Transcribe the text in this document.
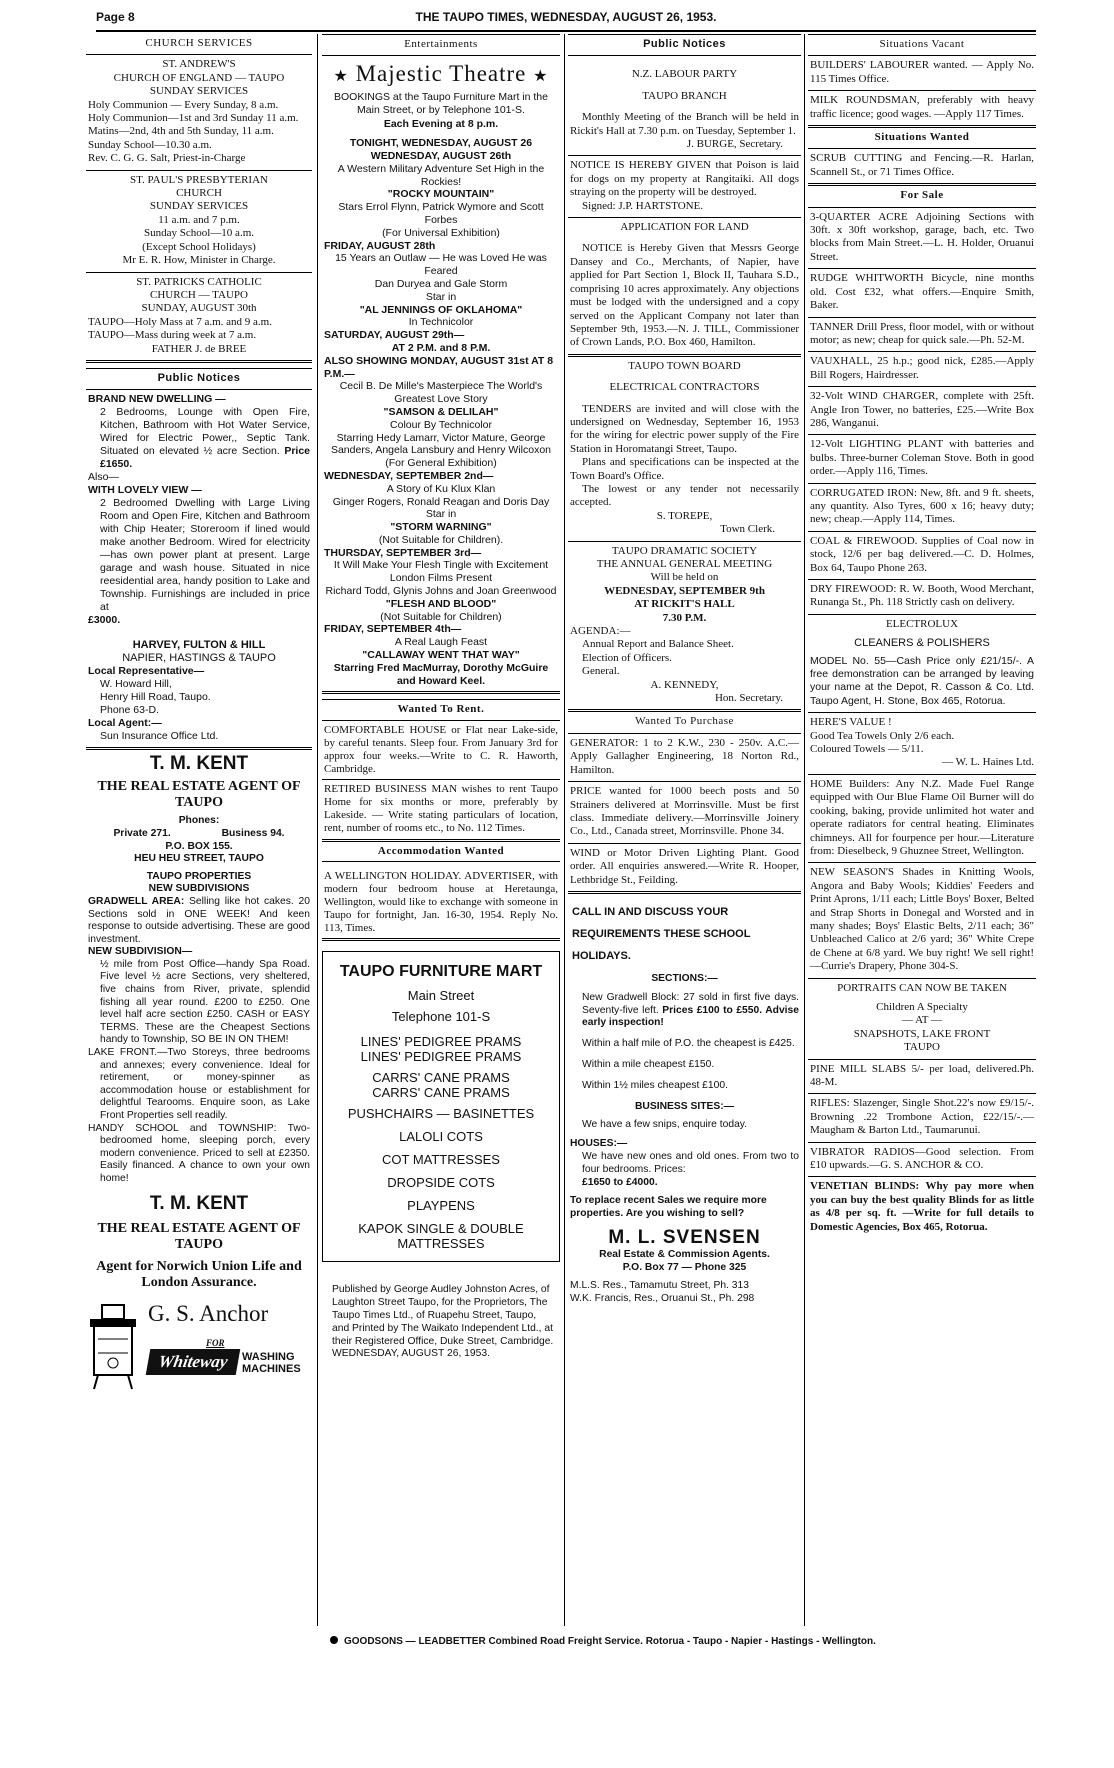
Page 8	THE TAUPO TIMES, WEDNESDAY, AUGUST 26, 1953.
CHURCH SERVICES
ST. ANDREW'S
CHURCH OF ENGLAND — TAUPO
SUNDAY SERVICES
Holy Communion — Every Sunday, 8 a.m.
Holy Communion—1st and 3rd Sunday 11 a.m.
Matins—2nd, 4th and 5th Sunday, 11 a.m.
Sunday School—10.30 a.m.
Rev. C. G. G. Salt, Priest-in-Charge
ST. PAUL'S PRESBYTERIAN
CHURCH
SUNDAY SERVICES
11 a.m. and 7 p.m.
Sunday School—10 a.m.
(Except School Holidays)
Mr E. R. How, Minister in Charge.
ST. PATRICKS CATHOLIC
CHURCH — TAUPO
SUNDAY, AUGUST 30th
TAUPO—Holy Mass at 7 a.m. and 9 a.m.
TAUPO—Mass during week at 7 a.m.
FATHER J. de BREE
Public Notices
BRAND NEW DWELLING —
2 Bedrooms, Lounge with Open Fire, Kitchen, Bathroom with Hot Water Service, Wired for Electric Power,, Septic Tank. Situated on elevated ½ acre Section. Price £1650.
Also—
WITH LOVELY VIEW —
2 Bedroomed Dwelling with Large Living Room and Open Fire, Kitchen and Bathroom with Chip Heater; Storeroom if lined would make another Bedroom. Wired for electricity —has own power plant at present. Large garage and wash house. Situated in nice reesidential area, handy position to Lake and Township. Furnishings are included in price at
£3000.
HARVEY, FULTON & HILL
NAPIER, HASTINGS & TAUPO
Local Representative—
W. Howard Hill,
Henry Hill Road, Taupo.
Phone 63-D.
Local Agent:—
Sun Insurance Office Ltd.
T. M. KENT
THE REAL ESTATE AGENT OF TAUPO
Phones:
Private 271.	Business 94.
P.O. BOX 155.
HEU HEU STREET, TAUPO
TAUPO PROPERTIES
NEW SUBDIVISIONS
GRADWELL AREA: Selling like hot cakes. 20 Sections sold in ONE WEEK! And keen response to outside advertising. These are good investment.
NEW SUBDIVISION—
½ mile from Post Office—handy Spa Road. Five level ½ acre Sections, very sheltered, five chains from River, private, splendid fishing all year round. £200 to £250. One level half acre section £250. CASH or EASY TERMS. These are the Cheapest Sections handy to Township, SO BE IN ON THEM!
LAKE FRONT.—Two Storeys, three bedrooms and annexes; every convenience. Ideal for retirement, or money-spinner as accommodation house or establishment for delightful Tearooms. Enquire soon, as Lake Front Properties sell readily.
HANDY SCHOOL and TOWNSHIP: Two-bedroomed home, sleeping porch, every modern convenience. Priced to sell at £2350. Easily financed. A chance to own your own home!
T. M. KENT
THE REAL ESTATE AGENT OF TAUPO
Agent for Norwich Union Life and London Assurance.
G. S. Anchor
FOR
Whiteway	WASHING
MACHINES
Entertainments
★ Majestic Theatre ★
BOOKINGS at the Taupo Furniture Mart in the Main Street, or by Telephone 101-S.
Each Evening at 8 p.m.
TONIGHT, WEDNESDAY, AUGUST 26
WEDNESDAY, AUGUST 26th
A Western Military Adventure Set High in the Rockies!
"ROCKY MOUNTAIN"
Stars Errol Flynn, Patrick Wymore and Scott Forbes
(For Universal Exhibition)
FRIDAY, AUGUST 28th
15 Years an Outlaw — He was Loved He was Feared
Dan Duryea and Gale Storm
Star in
"AL JENNINGS OF OKLAHOMA"
In Technicolor
SATURDAY, AUGUST 29th—
AT 2 P.M. and 8 P.M.
ALSO SHOWING MONDAY, AUGUST 31st AT 8 P.M.—
Cecil B. De Mille's Masterpiece The World's Greatest Love Story
"SAMSON & DELILAH"
Colour By Technicolor
Starring Hedy Lamarr, Victor Mature, George Sanders, Angela Lansbury and Henry Wilcoxon
(For General Exhibition)
WEDNESDAY, SEPTEMBER 2nd—
A Story of Ku Klux Klan
Ginger Rogers, Ronald Reagan and Doris Day Star in
"STORM WARNING"
(Not Suitable for Children).
THURSDAY, SEPTEMBER 3rd—
It Will Make Your Flesh Tingle with Excitement
London Films Present
Richard Todd, Glynis Johns and Joan Greenwood
"FLESH AND BLOOD"
(Not Suitable for Children)
FRIDAY, SEPTEMBER 4th—
A Real Laugh Feast
"CALLAWAY WENT THAT WAY"
Starring Fred MacMurray, Dorothy McGuire and Howard Keel.
Wanted To Rent.
COMFORTABLE HOUSE or Flat near Lake-side, by careful tenants. Sleep four. From January 3rd for approx four weeks.—Write to C. R. Haworth, Cambridge.
RETIRED BUSINESS MAN wishes to rent Taupo Home for six months or more, preferably by Lakeside. — Write stating particulars of location, rent, number of rooms etc., to No. 112 Times.
Accommodation Wanted
A WELLINGTON HOLIDAY. ADVERTISER, with modern four bedroom house at Heretaunga, Wellington, would like to exchange with someone in Taupo for fortnight, Jan. 16-30, 1954. Reply No. 113, Times.
TAUPO FURNITURE MART
Main Street
Telephone 101-S
LINES' PEDIGREE PRAMS
LINES' PEDIGREE PRAMS
CARRS' CANE PRAMS
CARRS' CANE PRAMS
PUSHCHAIRS — BASINETTES
LALOLI COTS
COT MATTRESSES
DROPSIDE COTS
PLAYPENS
KAPOK SINGLE & DOUBLE MATTRESSES
Published by George Audley Johnston Acres, of Laughton Street Taupo, for the Proprietors, The Taupo Times Ltd., of Ruapehu Street, Taupo, and Printed by The Waikato Independent Ltd., at their Registered Office, Duke Street, Cambridge.
WEDNESDAY, AUGUST 26, 1953.
Public Notices
N.Z. LABOUR PARTY
TAUPO BRANCH
Monthly Meeting of the Branch will be held in Rickit's Hall at 7.30 p.m. on Tuesday, September 1.
J. BURGE, Secretary.
NOTICE IS HEREBY GIVEN that Poison is laid for dogs on my property at Rangitaiki. All dogs straying on the property will be destroyed.
Signed: J.P. HARTSTONE.
APPLICATION FOR LAND
NOTICE is Hereby Given that Messrs George Dansey and Co., Merchants, of Napier, have applied for Part Section 1, Block II, Tauhara S.D., comprising 10 acres approximately. Any objections must be lodged with the undersigned and a copy served on the Applicant Company not later than September 9th, 1953.—N. J. TILL, Commissioner of Crown Lands, P.O. Box 460, Hamilton.
TAUPO TOWN BOARD
ELECTRICAL CONTRACTORS
TENDERS are invited and will close with the undersigned on Wednesday, September 16, 1953 for the wiring for electric power supply of the Fire Station in Horomatangi Street, Taupo.
Plans and specifications can be inspected at the Town Board's Office.
The lowest or any tender not necessarily accepted.
S. TOREPE,
Town Clerk.
TAUPO DRAMATIC SOCIETY
THE ANNUAL GENERAL MEETING
Will be held on
WEDNESDAY, SEPTEMBER 9th
AT RICKIT'S HALL
7.30 P.M.
AGENDA:—
Annual Report and Balance Sheet.
Election of Officers.
General.
A. KENNEDY,
Hon. Secretary.
Wanted To Purchase
GENERATOR: 1 to 2 K.W., 230 - 250v. A.C.—Apply Gallagher Engineering, 18 Norton Rd., Hamilton.
PRICE wanted for 1000 beech posts and 50 Strainers delivered at Morrinsville. Must be first class. Immediate delivery.—Morrinsville Joinery Co., Ltd., Canada street, Morrinsville. Phone 34.
WIND or Motor Driven Lighting Plant. Good order. All enquiries answered.—Write R. Hooper, Lethbridge St., Feilding.
CALL IN AND DISCUSS YOUR REQUIREMENTS THESE SCHOOL HOLIDAYS.
SECTIONS:—
New Gradwell Block: 27 sold in first five days. Seventy-five left. Prices £100 to £550. Advise early inspection!
Within a half mile of P.O. the cheapest is £425.
Within a mile cheapest £150.
Within 1½ miles cheapest £100.
BUSINESS SITES:—
We have a few snips, enquire today.
HOUSES:—
We have new ones and old ones. From two to four bedrooms. Prices:
£1650 to £4000.
To replace recent Sales we require more properties. Are you wishing to sell?
M. L. SVENSEN
Real Estate & Commission Agents.
P.O. Box 77 — Phone 325
M.L.S. Res., Tamamutu Street, Ph. 313
W.K. Francis, Res., Oruanui St., Ph. 298
Situations Vacant
BUILDERS' LABOURER wanted. — Apply No. 115 Times Office.
MILK ROUNDSMAN, preferably with heavy traffic licence; good wages. —Apply 117 Times.
Situations Wanted
SCRUB CUTTING and Fencing.—R. Harlan, Scannell St., or 71 Times Office.
For Sale
3-QUARTER ACRE Adjoining Sections with 30ft. x 30ft workshop, garage, bach, etc. Two blocks from Main Street.—L. H. Holder, Oruanui Street.
RUDGE WHITWORTH Bicycle, nine months old. Cost £32, what offers.—Enquire Smith, Baker.
TANNER Drill Press, floor model, with or without motor; as new; cheap for quick sale.—Ph. 52-M.
VAUXHALL, 25 h.p.; good nick, £285.—Apply Bill Rogers, Hairdresser.
32-Volt WIND CHARGER, complete with 25ft. Angle Iron Tower, no batteries, £25.—Write Box 286, Wanganui.
12-Volt LIGHTING PLANT with batteries and bulbs. Three-burner Coleman Stove. Both in good order.—Apply 116, Times.
CORRUGATED IRON: New, 8ft. and 9 ft. sheets, any quantity. Also Tyres, 600 x 16; heavy duty; new; cheap.—Apply 114, Times.
COAL & FIREWOOD. Supplies of Coal now in stock, 12/6 per bag delivered.—C. D. Holmes, Box 64, Taupo Phone 263.
DRY FIREWOOD: R. W. Booth, Wood Merchant, Runanga St., Ph. 118 Strictly cash on delivery.
ELECTROLUX
CLEANERS & POLISHERS
MODEL No. 55—Cash Price only £21/15/-. A free demonstration can be arranged by leaving your name at the Depot, R. Casson & Co. Ltd. Taupo Agent, H. Stone, Box 465, Rotorua.
HERE'S VALUE !
Good Tea Towels Only 2/6 each.
Coloured Towels — 5/11.
— W. L. Haines Ltd.
HOME Builders: Any N.Z. Made Fuel Range equipped with Our Blue Flame Oil Burner will do cooking, baking, provide unlimited hot water and operate radiators for central heating. Eliminates chimneys. All for fourpence per hour.—Literature from: Dieselbeck, 9 Ghuznee Street, Wellington.
NEW SEASON'S Shades in Knitting Wools, Angora and Baby Wools; Kiddies' Feeders and Print Aprons, 1/11 each; Little Boys' Boxer, Belted and Strap Shorts in Donegal and Worsted and in many shades; Boys' Elastic Belts, 2/11 each; 36" Unbleached Calico at 2/6 yard; 36" White Crepe de Chene at 6/8 yard. We buy right! We sell right!—Currie's Drapery, Phone 304-S.
PORTRAITS CAN NOW BE TAKEN
Children A Specialty
— AT —
SNAPSHOTS, LAKE FRONT
TAUPO
PINE MILL SLABS 5/- per load, delivered.Ph. 48-M.
RIFLES: Slazenger, Single Shot.22's now £9/15/-. Browning .22 Trombone Action, £22/15/-.—Maugham & Barton Ltd., Taumarunui.
VIBRATOR RADIOS—Good selection. From £10 upwards.—G. S. ANCHOR & CO.
VENETIAN BLINDS: Why pay more when you can buy the best quality Blinds for as little as 4/8 per sq. ft. —Write for full details to Domestic Agencies, Box 465, Rotorua.
GOODSONS — LEADBETTER Combined Road Freight Service. Rotorua - Taupo - Napier - Hastings - Wellington.
